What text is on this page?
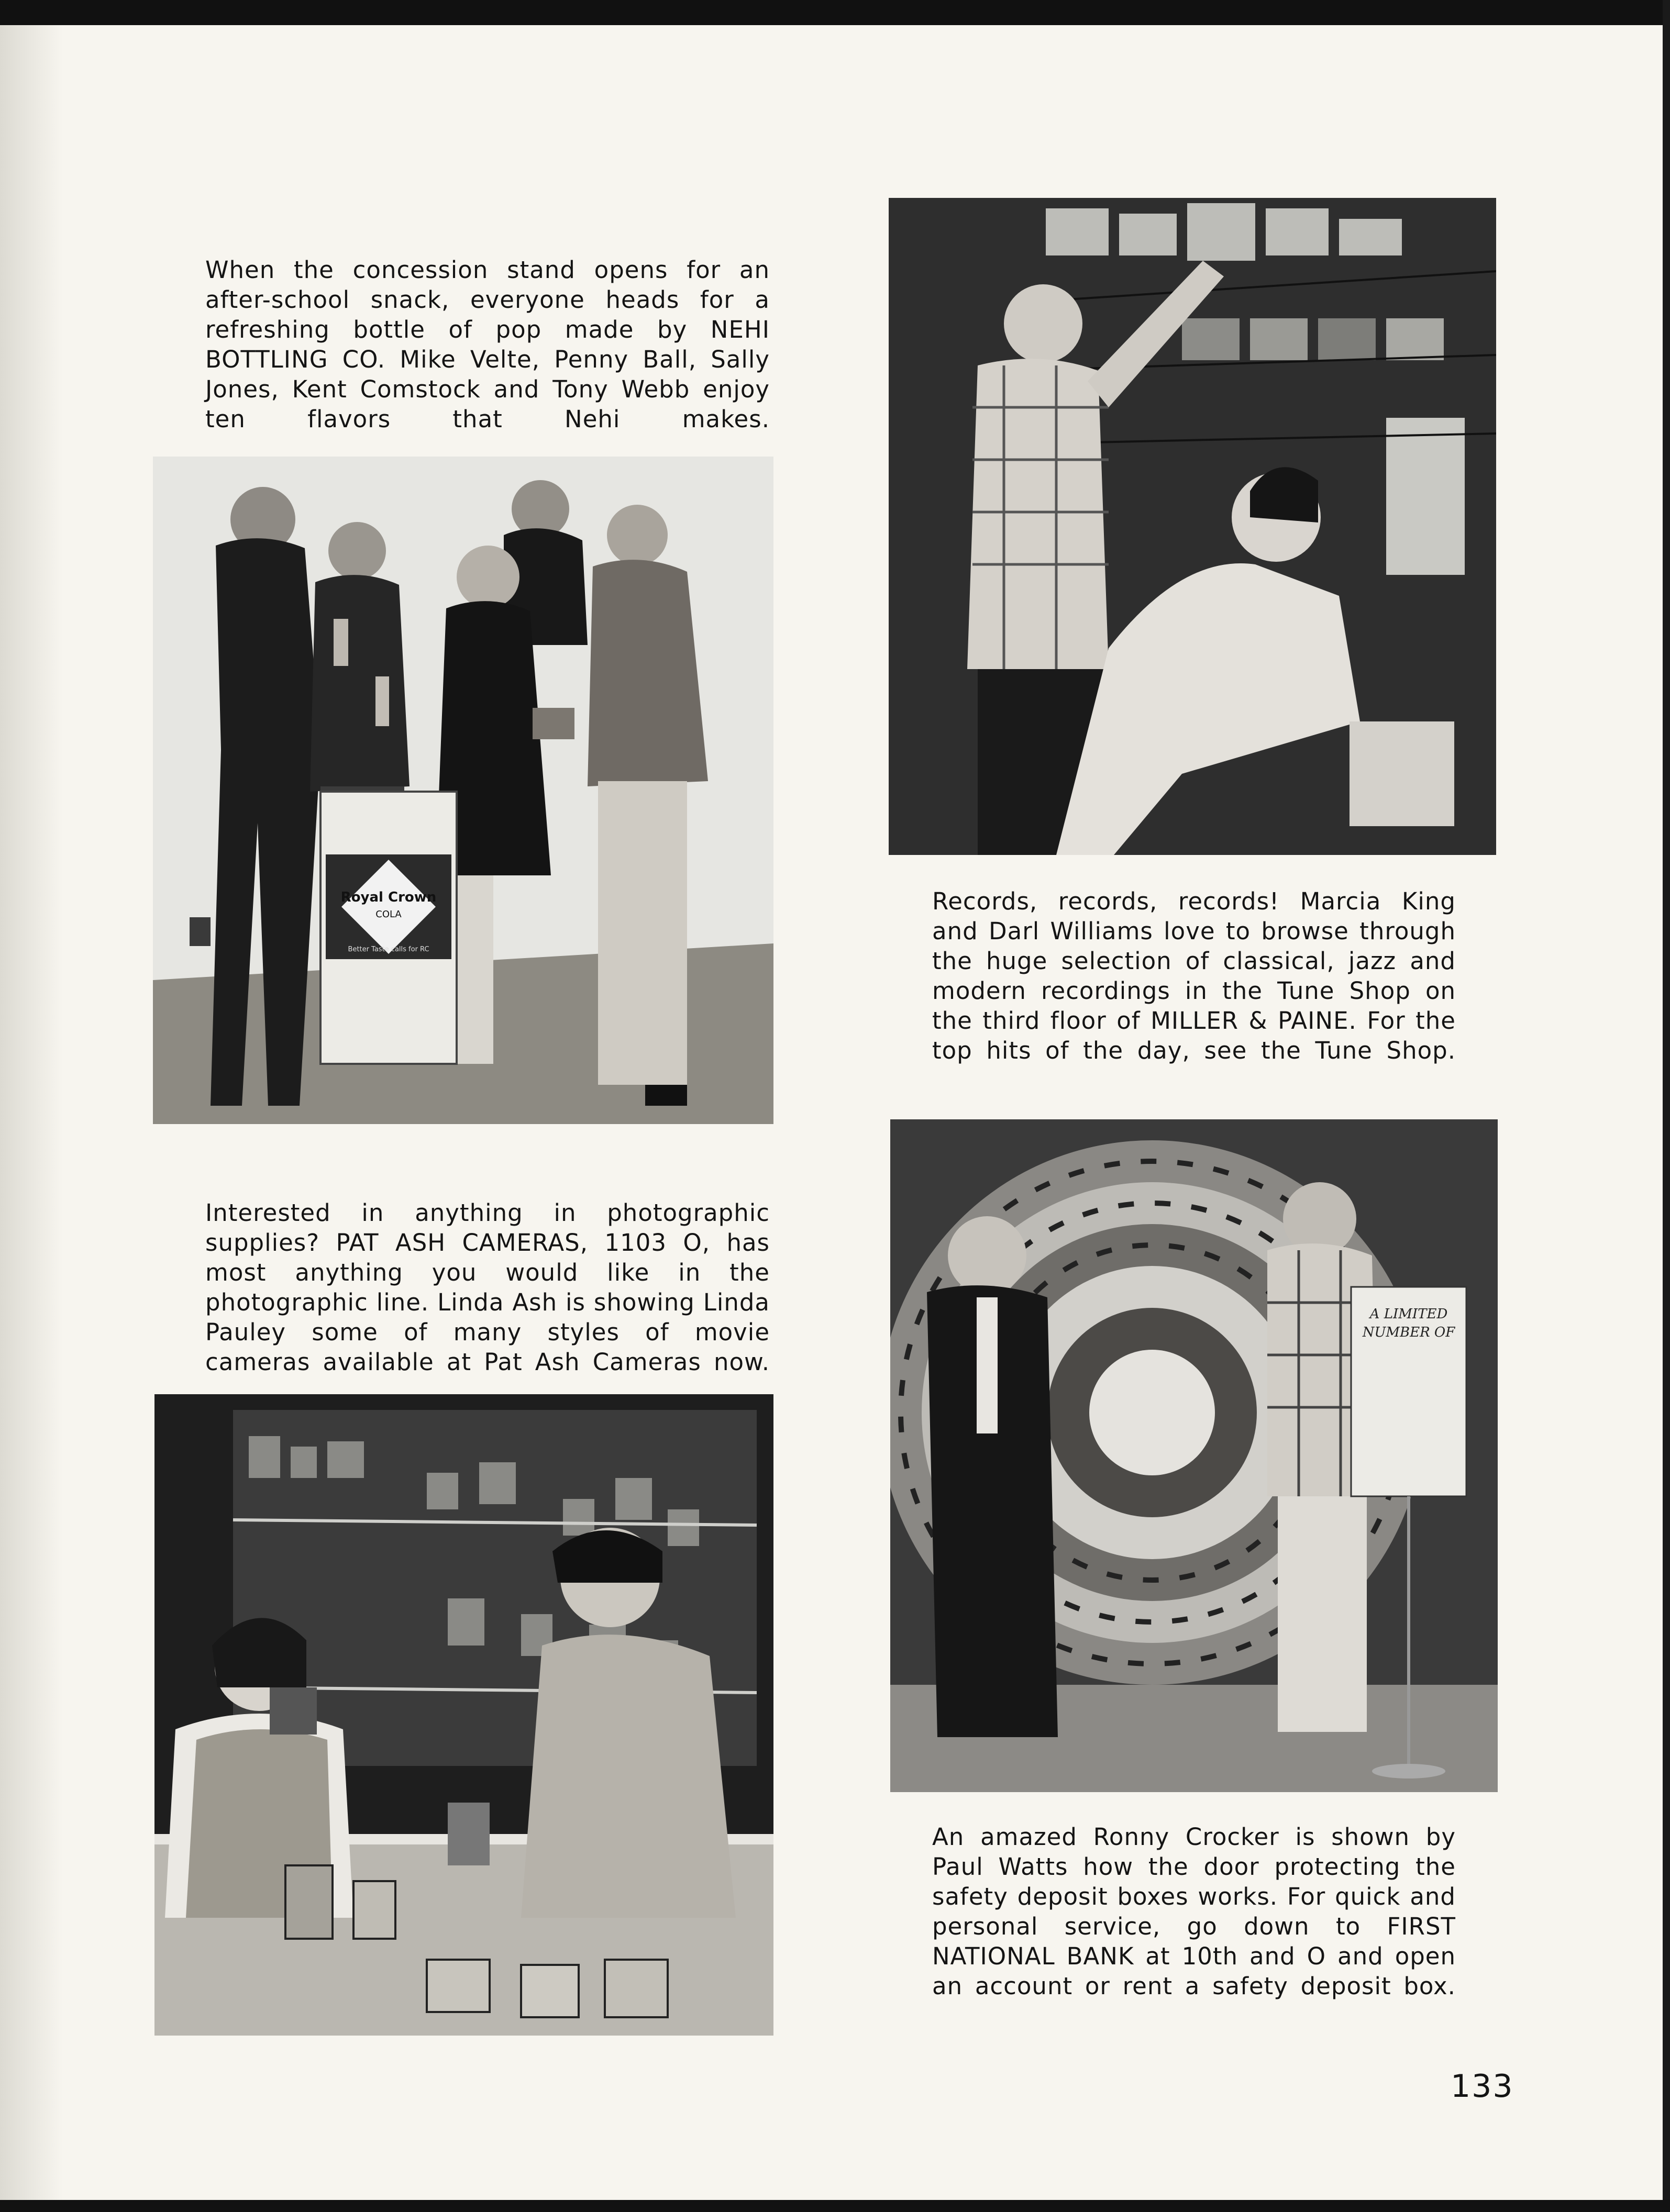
When the concession stand opens for an after-school snack, everyone heads for a refreshing bottle of pop made by NEHI BOTTLING CO. Mike Velte, Penny Ball, Sally Jones, Kent Comstock and Tony Webb enjoy ten flavors that Nehi makes.

Royal Crown
COLA
Better Taste calls for RC

Records, records, records! Marcia King and Darl Williams love to browse through the huge selection of classical, jazz and modern recordings in the Tune Shop on the third floor of MILLER & PAINE. For the top hits of the day, see the Tune Shop.

Interested in anything in photographic supplies? PAT ASH CAMERAS, 1103 O, has most anything you would like in the photographic line. Linda Ash is showing Linda Pauley some of many styles of movie cameras available at Pat Ash Cameras now.

A LIMITED
NUMBER OF

An amazed Ronny Crocker is shown by Paul Watts how the door protecting the safety deposit boxes works. For quick and personal service, go down to FIRST NATIONAL BANK at 10th and O and open an account or rent a safety deposit box.

133
